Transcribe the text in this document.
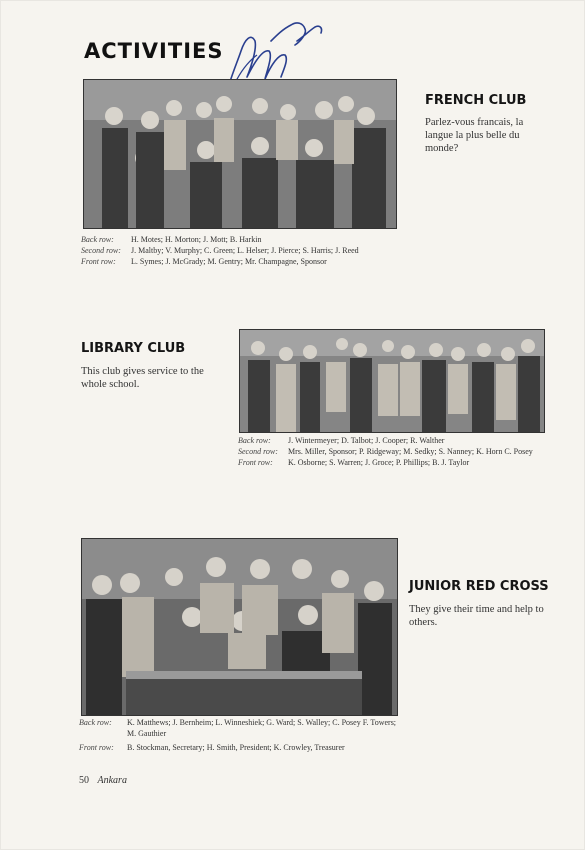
ACTIVITIES
FRENCH CLUB
Parlez-vous francais, la langue la plus belle du monde?
Back row:	H. Motes; H. Morton; J. Mott; B. Harkin
Second row:	J. Maltby; V. Murphy; C. Green; L. Helser; J. Pierce; S. Harris; J. Reed
Front row:	L. Symes; J. McGrady; M. Gentry; Mr. Champagne, Sponsor
LIBRARY CLUB
This club gives service to the whole school.
Back row:	J. Wintermeyer; D. Talbot; J. Cooper; R. Walther
Second row:	Mrs. Miller, Sponsor; P. Ridgeway; M. Sedky; S. Nanney; K. Horn C. Posey
Front row:	K. Osborne; S. Warren; J. Groce; P. Phillips; B. J. Taylor
JUNIOR RED CROSS
They give their time and help to others.
Back row:	K. Matthews; J. Bernheim; L. Winneshiek; G. Ward; S. Walley; C. Posey F. Towers; M. Gauthier
Front row:	B. Stockman, Secretary; H. Smith, President; K. Crowley, Treasurer
50 Ankara
